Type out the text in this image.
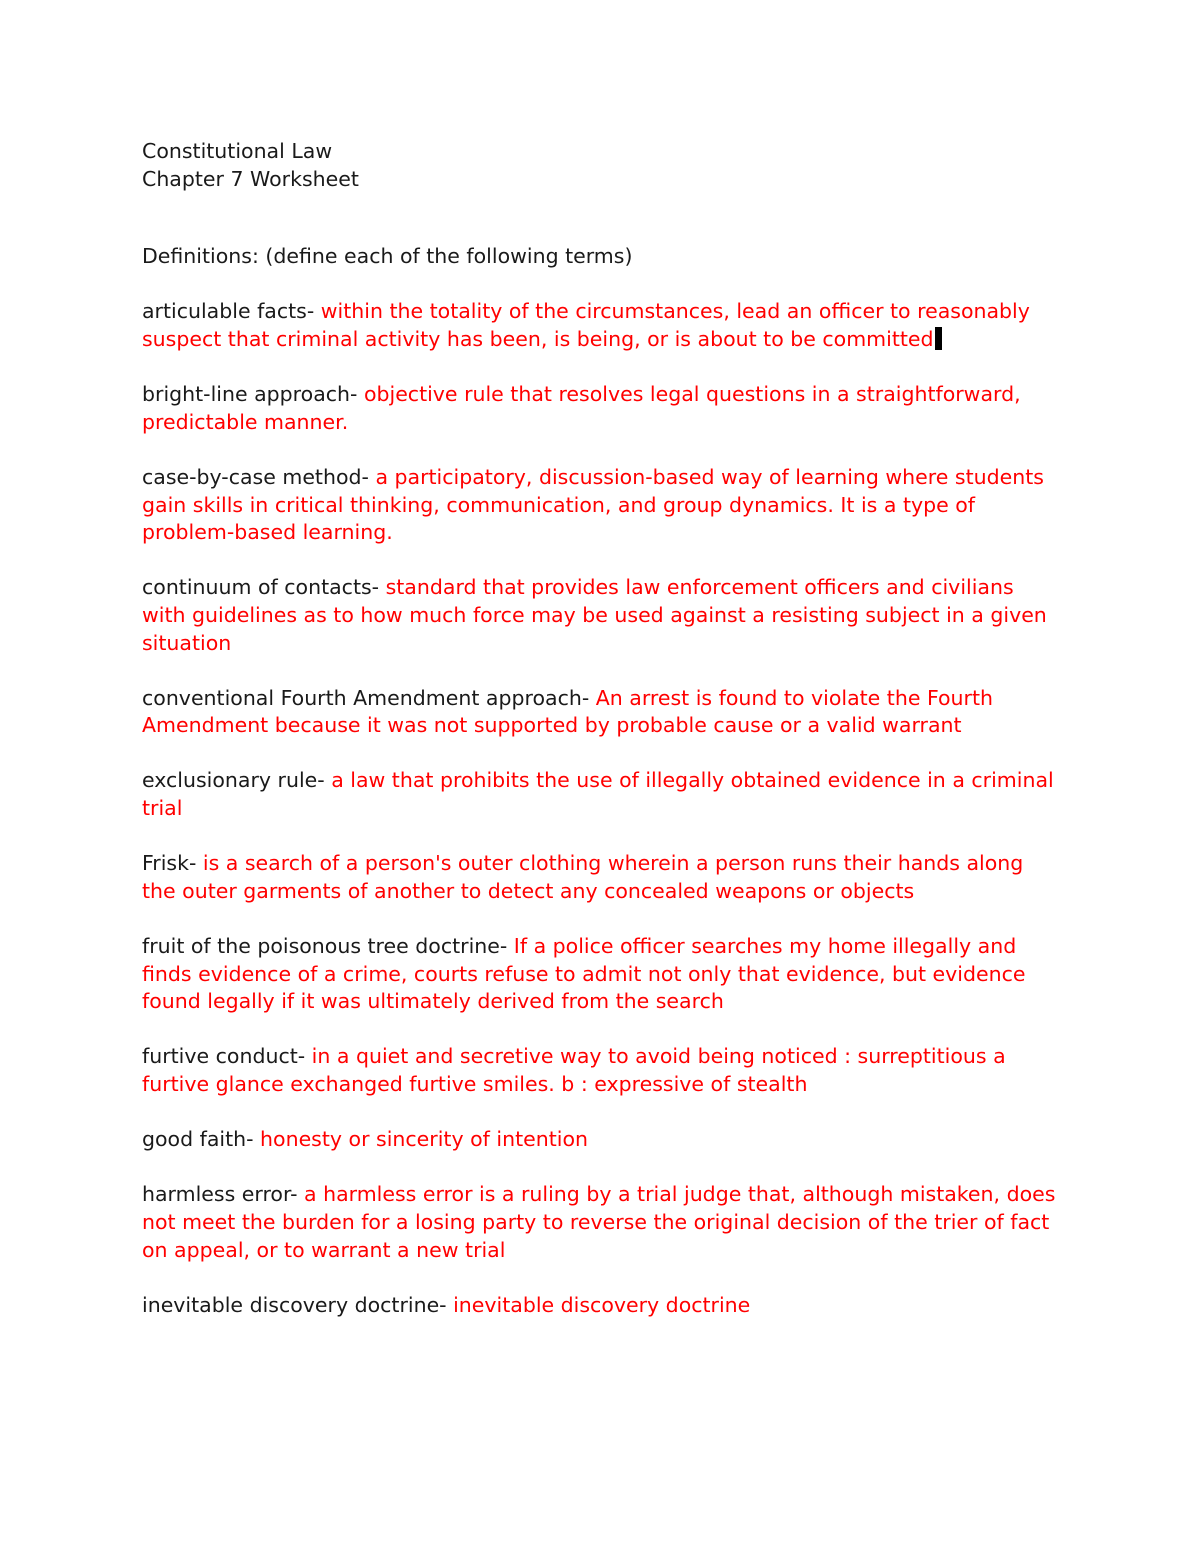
Constitutional Law
Chapter 7 Worksheet
Definitions: (define each of the following terms)
articulable facts- within the totality of the circumstances, lead an officer to reasonably suspect that criminal activity has been, is being, or is about to be committed
bright-line approach- objective rule that resolves legal questions in a straightforward, predictable manner.
case-by-case method- a participatory, discussion-based way of learning where students gain skills in critical thinking, communication, and group dynamics. It is a type of problem-based learning.
continuum of contacts- standard that provides law enforcement officers and civilians with guidelines as to how much force may be used against a resisting subject in a given situation
conventional Fourth Amendment approach- An arrest is found to violate the Fourth Amendment because it was not supported by probable cause or a valid warrant
exclusionary rule- a law that prohibits the use of illegally obtained evidence in a criminal trial
Frisk- is a search of a person's outer clothing wherein a person runs their hands along the outer garments of another to detect any concealed weapons or objects
fruit of the poisonous tree doctrine- If a police officer searches my home illegally and finds evidence of a crime, courts refuse to admit not only that evidence, but evidence found legally if it was ultimately derived from the search
furtive conduct- in a quiet and secretive way to avoid being noticed : surreptitious a furtive glance exchanged furtive smiles. b : expressive of stealth
good faith- honesty or sincerity of intention
harmless error- a harmless error is a ruling by a trial judge that, although mistaken, does not meet the burden for a losing party to reverse the original decision of the trier of fact on appeal, or to warrant a new trial
inevitable discovery doctrine- inevitable discovery doctrine
